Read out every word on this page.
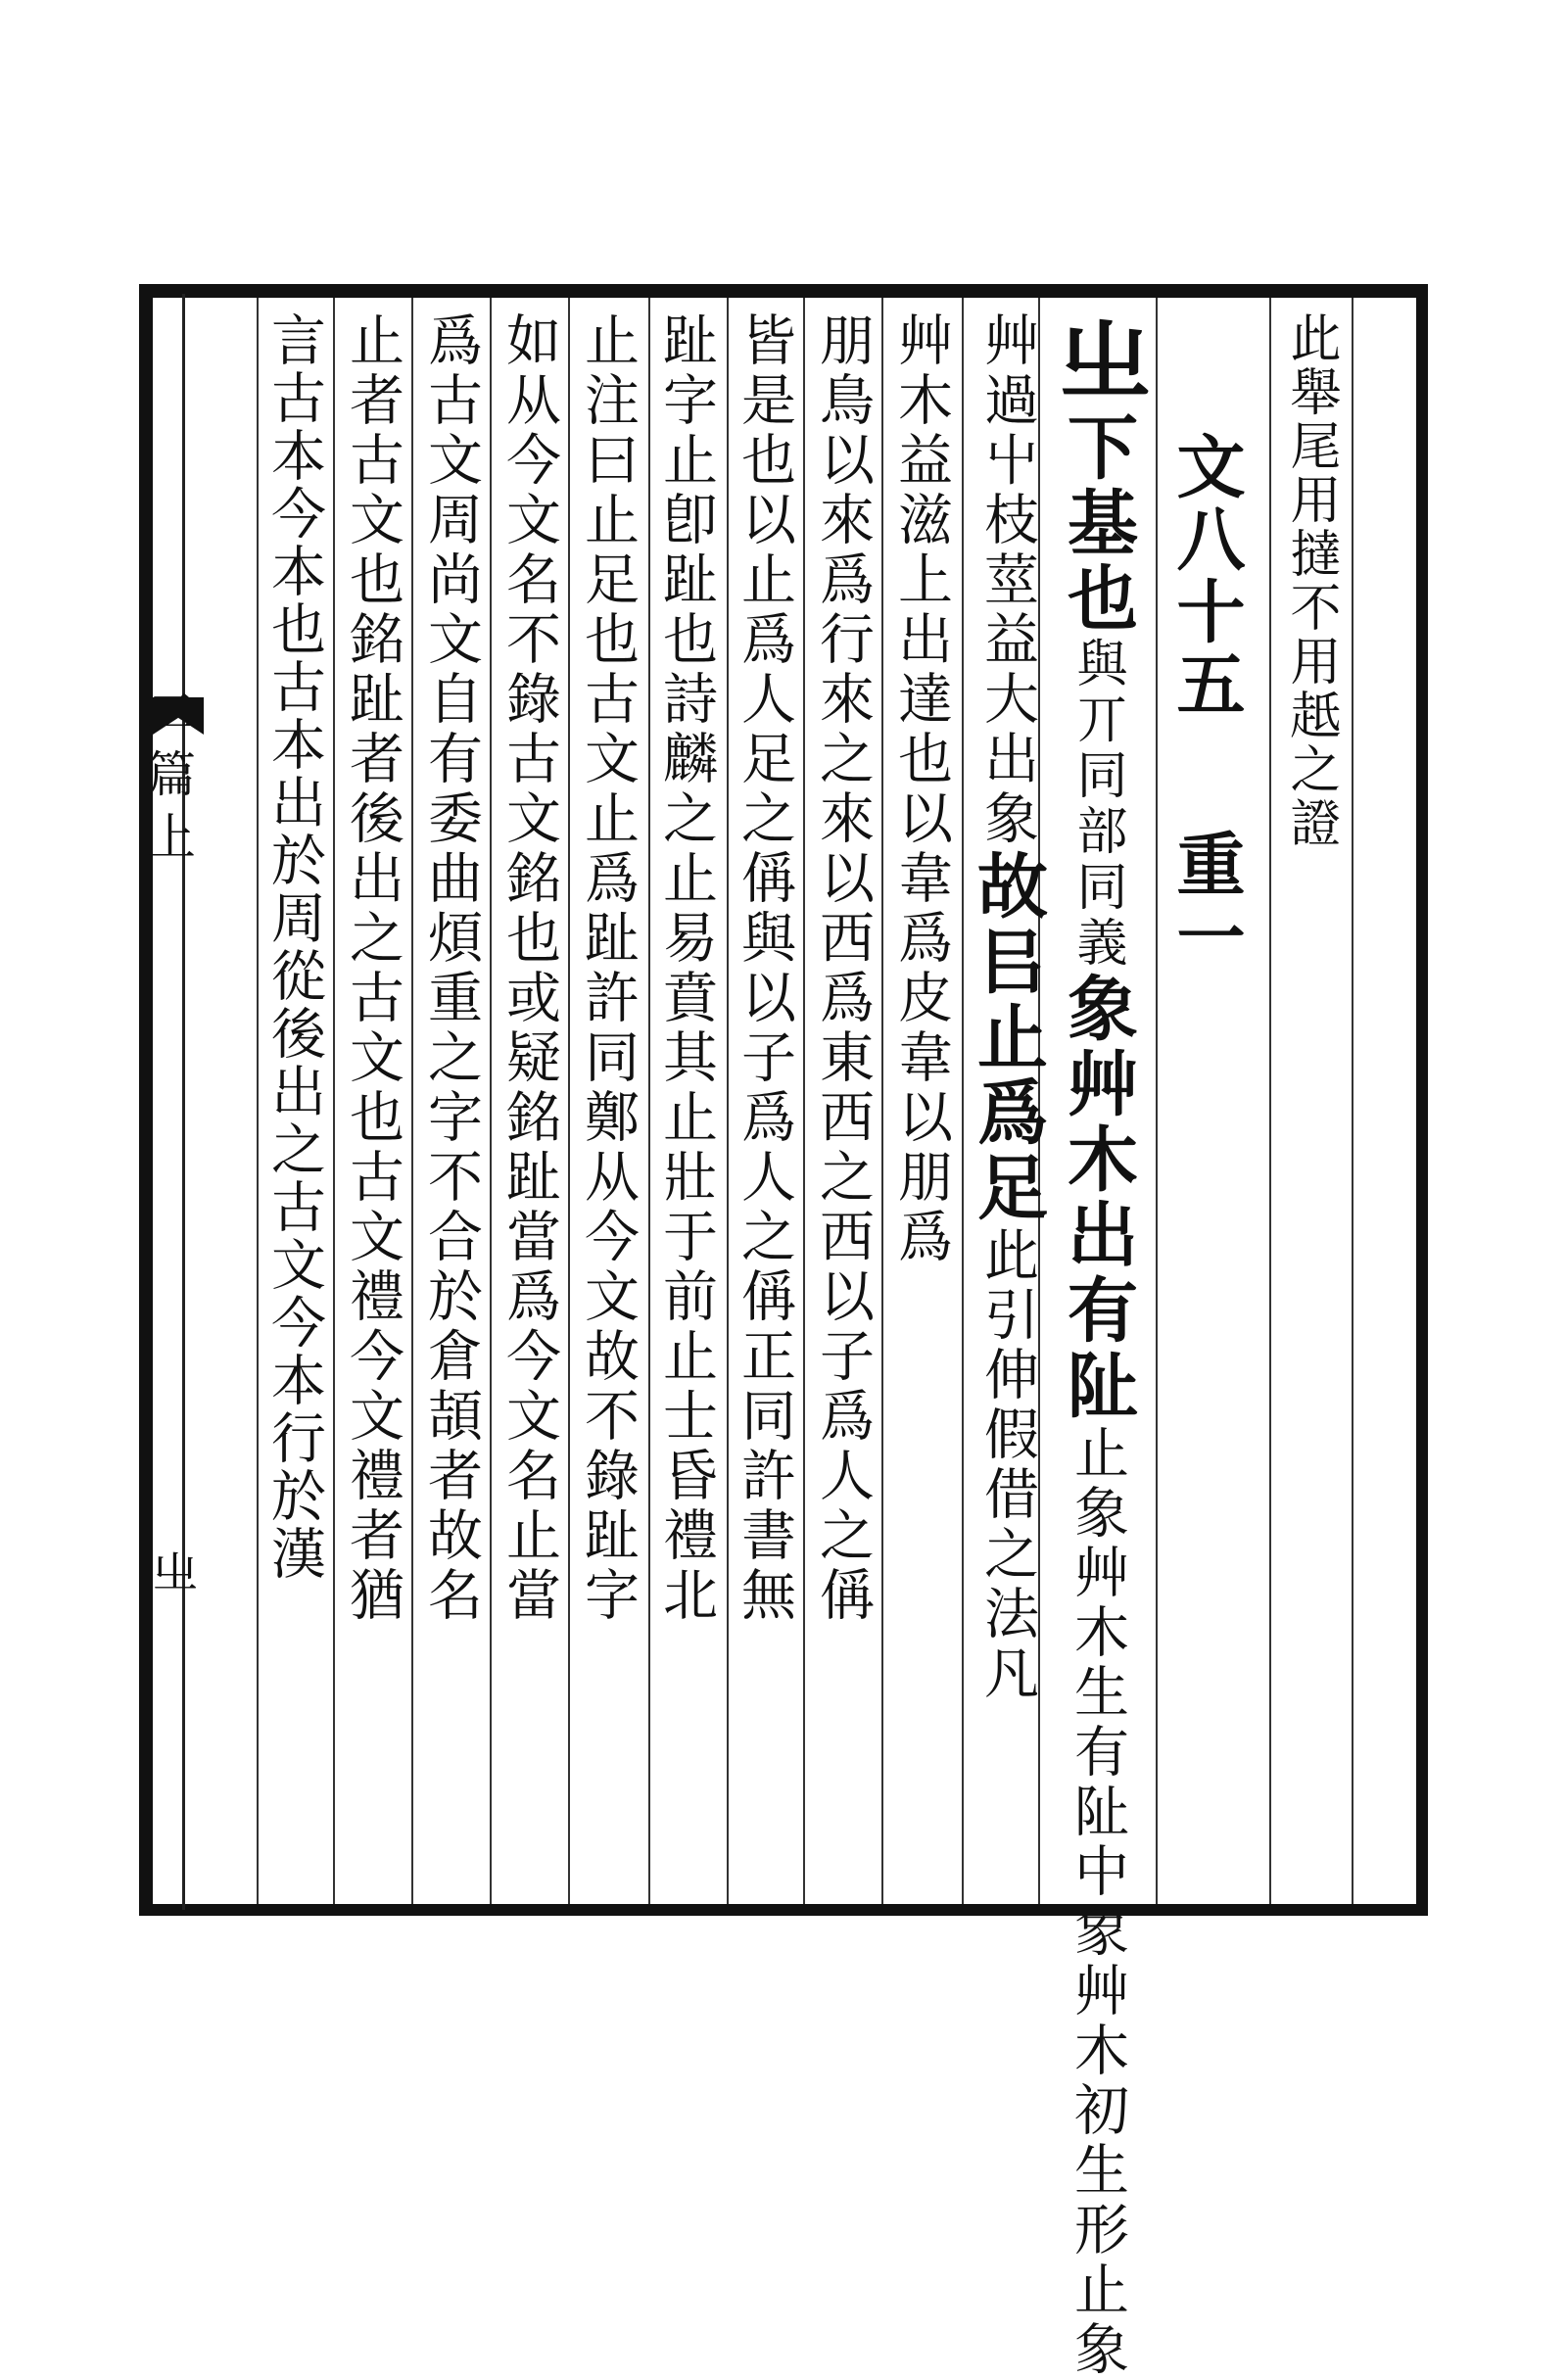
二篇上
㞢
此舉尾用撻不用赿之證
文八十五重一
㞢下基也與丌同部同義象艸木出有阯止象艸木生有阯中象艸木初生形止象
艸過屮枝莖益大出象故㠯止爲足此引伸假借之法凡
艸木益滋上出達也以韋爲皮韋以朋爲
朋鳥以來爲行來之來以西爲東西之西以子爲人之偁
皆是也以止爲人足之偁與以子爲人之偁正同許書無
趾字止卽趾也詩麟之止易賁其止壯于前止士昏禮北
止注曰止足也古文止爲趾許同鄭从今文故不錄趾字
如从今文名不錄古文銘也或疑銘趾當爲今文名止當
爲古文周尚文自有委曲煩重之字不合於倉頡者故名
止者古文也銘趾者後出之古文也古文禮今文禮者猶
言古本今本也古本出於周從後出之古文今本行於漢
